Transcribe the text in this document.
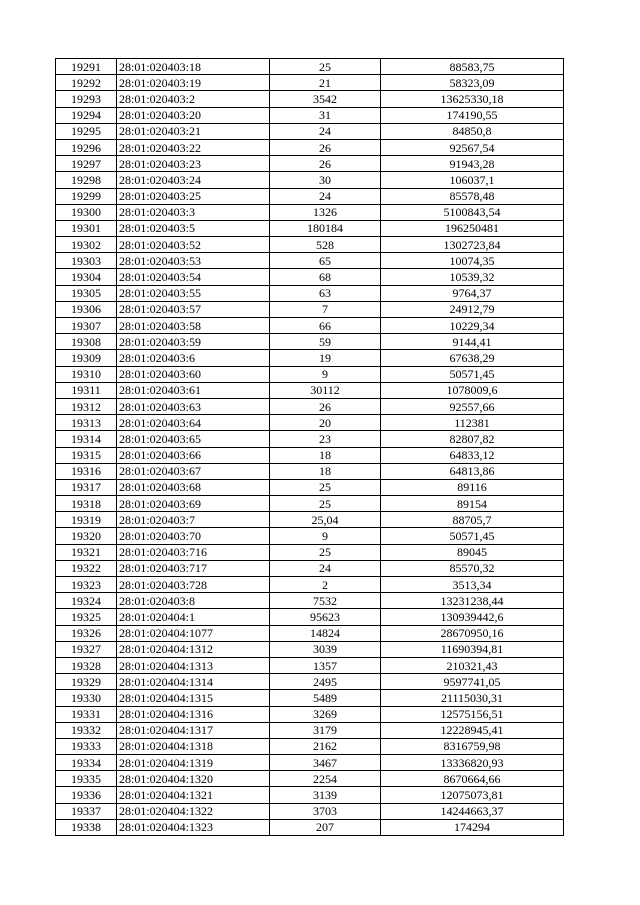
19291	28:01:020403:18	25	88583,75
19292	28:01:020403:19	21	58323,09
19293	28:01:020403:2	3542	13625330,18
19294	28:01:020403:20	31	174190,55
19295	28:01:020403:21	24	84850,8
19296	28:01:020403:22	26	92567,54
19297	28:01:020403:23	26	91943,28
19298	28:01:020403:24	30	106037,1
19299	28:01:020403:25	24	85578,48
19300	28:01:020403:3	1326	5100843,54
19301	28:01:020403:5	180184	196250481
19302	28:01:020403:52	528	1302723,84
19303	28:01:020403:53	65	10074,35
19304	28:01:020403:54	68	10539,32
19305	28:01:020403:55	63	9764,37
19306	28:01:020403:57	7	24912,79
19307	28:01:020403:58	66	10229,34
19308	28:01:020403:59	59	9144,41
19309	28:01:020403:6	19	67638,29
19310	28:01:020403:60	9	50571,45
19311	28:01:020403:61	30112	1078009,6
19312	28:01:020403:63	26	92557,66
19313	28:01:020403:64	20	112381
19314	28:01:020403:65	23	82807,82
19315	28:01:020403:66	18	64833,12
19316	28:01:020403:67	18	64813,86
19317	28:01:020403:68	25	89116
19318	28:01:020403:69	25	89154
19319	28:01:020403:7	25,04	88705,7
19320	28:01:020403:70	9	50571,45
19321	28:01:020403:716	25	89045
19322	28:01:020403:717	24	85570,32
19323	28:01:020403:728	2	3513,34
19324	28:01:020403:8	7532	13231238,44
19325	28:01:020404:1	95623	130939442,6
19326	28:01:020404:1077	14824	28670950,16
19327	28:01:020404:1312	3039	11690394,81
19328	28:01:020404:1313	1357	210321,43
19329	28:01:020404:1314	2495	9597741,05
19330	28:01:020404:1315	5489	21115030,31
19331	28:01:020404:1316	3269	12575156,51
19332	28:01:020404:1317	3179	12228945,41
19333	28:01:020404:1318	2162	8316759,98
19334	28:01:020404:1319	3467	13336820,93
19335	28:01:020404:1320	2254	8670664,66
19336	28:01:020404:1321	3139	12075073,81
19337	28:01:020404:1322	3703	14244663,37
19338	28:01:020404:1323	207	174294
